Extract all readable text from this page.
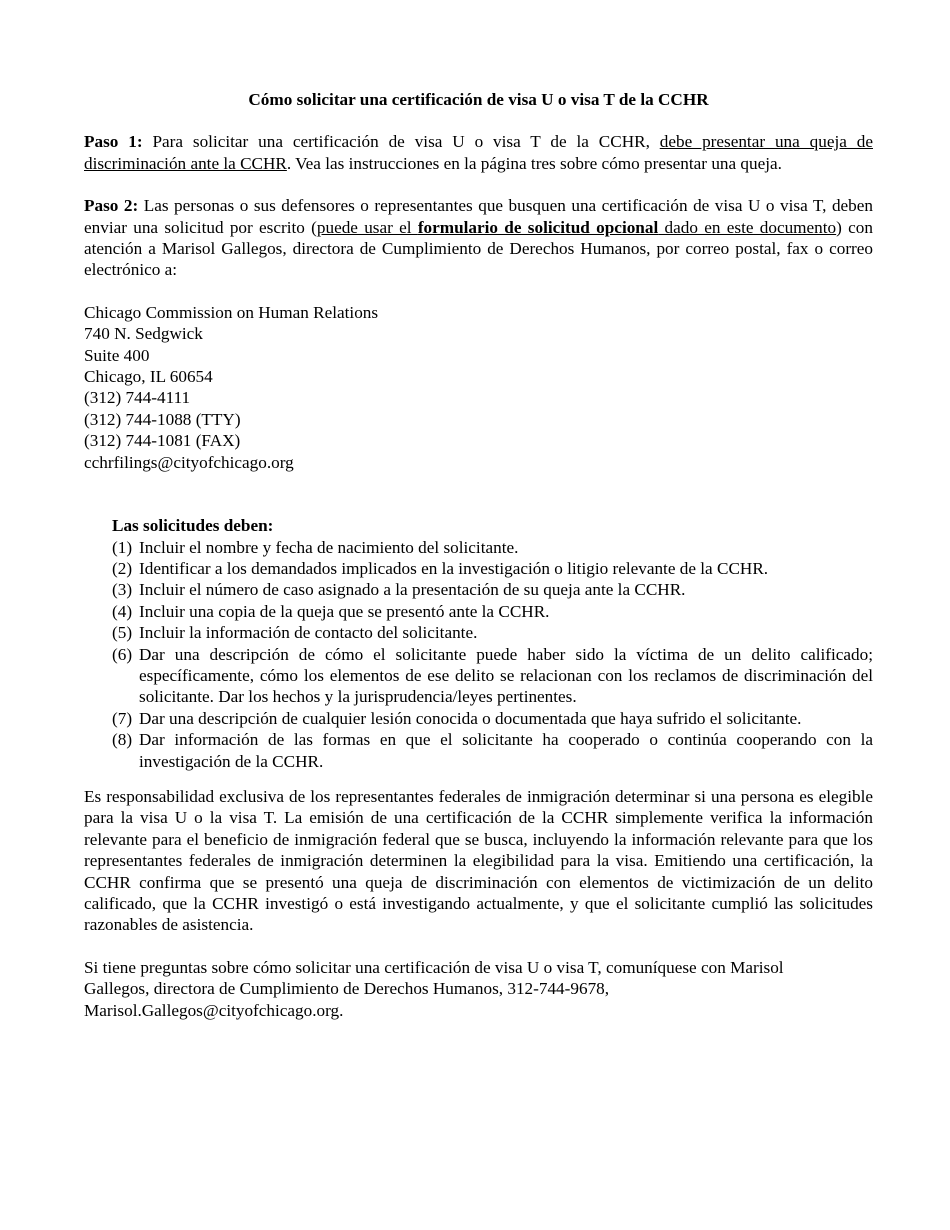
Cómo solicitar una certificación de visa U o visa T de la CCHR

Paso 1: Para solicitar una certificación de visa U o visa T de la CCHR, debe presentar una queja de discriminación ante la CCHR. Vea las instrucciones en la página tres sobre cómo presentar una queja.

Paso 2: Las personas o sus defensores o representantes que busquen una certificación de visa U o visa T, deben enviar una solicitud por escrito (puede usar el formulario de solicitud opcional dado en este documento) con atención a Marisol Gallegos, directora de Cumplimiento de Derechos Humanos, por correo postal, fax o correo electrónico a:

Chicago Commission on Human Relations
740 N. Sedgwick
Suite 400
Chicago, IL 60654
(312) 744-4111
(312) 744-1088 (TTY)
(312) 744-1081 (FAX)
cchrfilings@cityofchicago.org
Las solicitudes deben:
(1) Incluir el nombre y fecha de nacimiento del solicitante.
(2) Identificar a los demandados implicados en la investigación o litigio relevante de la CCHR.
(3) Incluir el número de caso asignado a la presentación de su queja ante la CCHR.
(4) Incluir una copia de la queja que se presentó ante la CCHR.
(5) Incluir la información de contacto del solicitante.
(6) Dar una descripción de cómo el solicitante puede haber sido la víctima de un delito calificado; específicamente, cómo los elementos de ese delito se relacionan con los reclamos de discriminación del solicitante. Dar los hechos y la jurisprudencia/leyes pertinentes.
(7) Dar una descripción de cualquier lesión conocida o documentada que haya sufrido el solicitante.
(8) Dar información de las formas en que el solicitante ha cooperado o continúa cooperando con la investigación de la CCHR.

Es responsabilidad exclusiva de los representantes federales de inmigración determinar si una persona es elegible para la visa U o la visa T. La emisión de una certificación de la CCHR simplemente verifica la información relevante para el beneficio de inmigración federal que se busca, incluyendo la información relevante para que los representantes federales de inmigración determinen la elegibilidad para la visa. Emitiendo una certificación, la CCHR confirma que se presentó una queja de discriminación con elementos de victimización de un delito calificado, que la CCHR investigó o está investigando actualmente, y que el solicitante cumplió las solicitudes razonables de asistencia.

Si tiene preguntas sobre cómo solicitar una certificación de visa U o visa T, comuníquese con Marisol
Gallegos, directora de Cumplimiento de Derechos Humanos, 312-744-9678,
Marisol.Gallegos@cityofchicago.org.
